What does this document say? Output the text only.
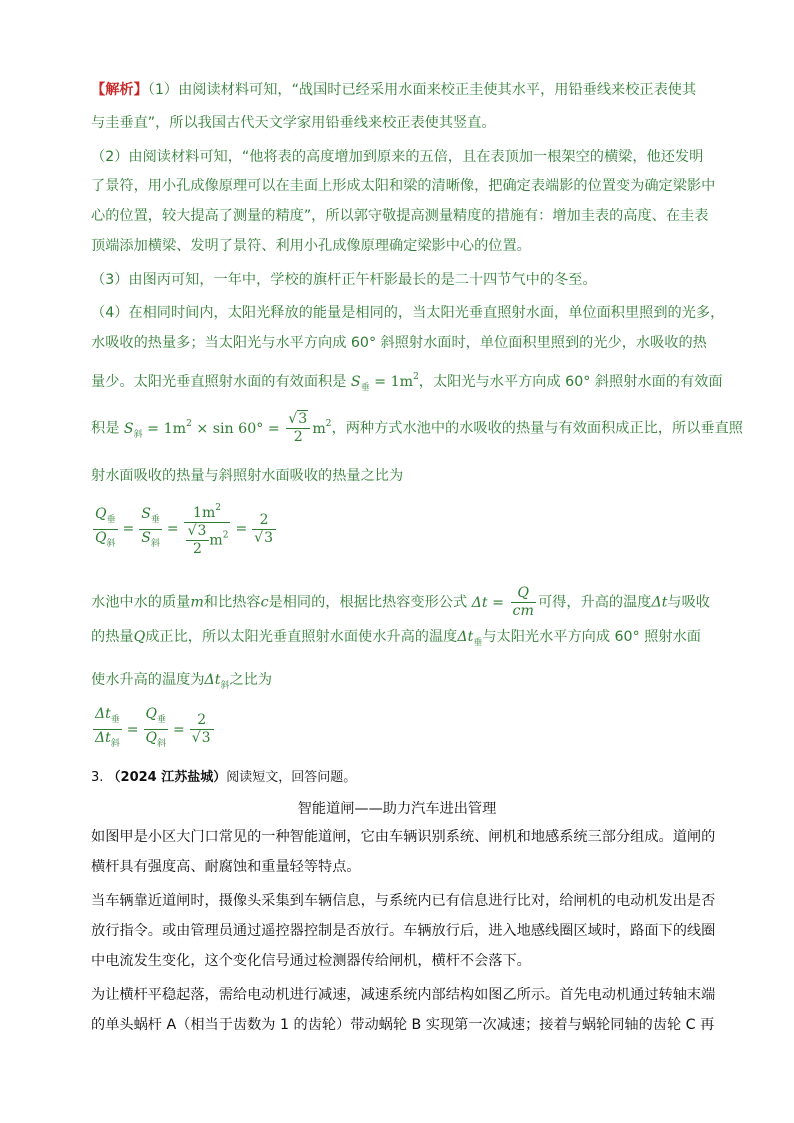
【解析】（1）由阅读材料可知，“战国时已经采用水面来校正圭使其水平，用铅垂线来校正表使其
与圭垂直”，所以我国古代天文学家用铅垂线来校正表使其竖直。
（2）由阅读材料可知，“他将表的高度增加到原来的五倍，且在表顶加一根架空的横梁，他还发明
了景符，用小孔成像原理可以在圭面上形成太阳和梁的清晰像，把确定表端影的位置变为确定梁影中
心的位置，较大提高了测量的精度”，所以郭守敬提高测量精度的措施有：增加圭表的高度、在圭表
顶端添加横梁、发明了景符、利用小孔成像原理确定梁影中心的位置。
（3）由图丙可知，一年中，学校的旗杆正午杆影最长的是二十四节气中的冬至。
（4）在相同时间内，太阳光释放的能量是相同的，当太阳光垂直照射水面，单位面积里照到的光多，
水吸收的热量多；当太阳光与水平方向成 60° 斜照射水面时，单位面积里照到的光少，水吸收的热
量少。太阳光垂直照射水面的有效面积是 $S_垂 = 1m^2$，太阳光与水平方向成 60° 斜照射水面的有效面
积是 $S_斜 = 1m^2 \times \sin 60^\circ = \frac{√3}{2} m^2$，两种方式水池中的水吸收的热量与有效面积成正比，所以垂直照
射水面吸收的热量与斜照射水面吸收的热量之比为
$\frac{Q_垂}{Q_斜} = \frac{S_垂}{S_斜} = \frac{1m^2}{\frac{√3}{2} m^2} = \frac{2}{√3}$
水池中水的质量m和比热容c是相同的，根据比热容变形公式 $\Delta t = \frac{Q}{cm}$ 可得，升高的温度Δt与吸收
的热量Q成正比，所以太阳光垂直照射水面使水升高的温度$\Delta t_垂$与太阳光水平方向成 60° 照射水面
使水升高的温度为$\Delta t_斜$之比为
$\frac{\Delta t_垂}{\Delta t_斜} = \frac{Q_垂}{Q_斜} = \frac{2}{√3}$
3. （2024 江苏盐城）阅读短文，回答问题。
智能道闸——助力汽车进出管理
如图甲是小区大门口常见的一种智能道闸，它由车辆识别系统、闸机和地感系统三部分组成。道闸的
横杆具有强度高、耐腐蚀和重量轻等特点。
当车辆靠近道闸时，摄像头采集到车辆信息，与系统内已有信息进行比对，给闸机的电动机发出是否
放行指令。或由管理员通过遥控器控制是否放行。车辆放行后，进入地感线圈区域时，路面下的线圈
中电流发生变化，这个变化信号通过检测器传给闸机，横杆不会落下。
为让横杆平稳起落，需给电动机进行减速，减速系统内部结构如图乙所示。首先电动机通过转轴末端
的单头蜗杆 A（相当于齿数为 1 的齿轮）带动蜗轮 B 实现第一次减速；接着与蜗轮同轴的齿轮 C 再
